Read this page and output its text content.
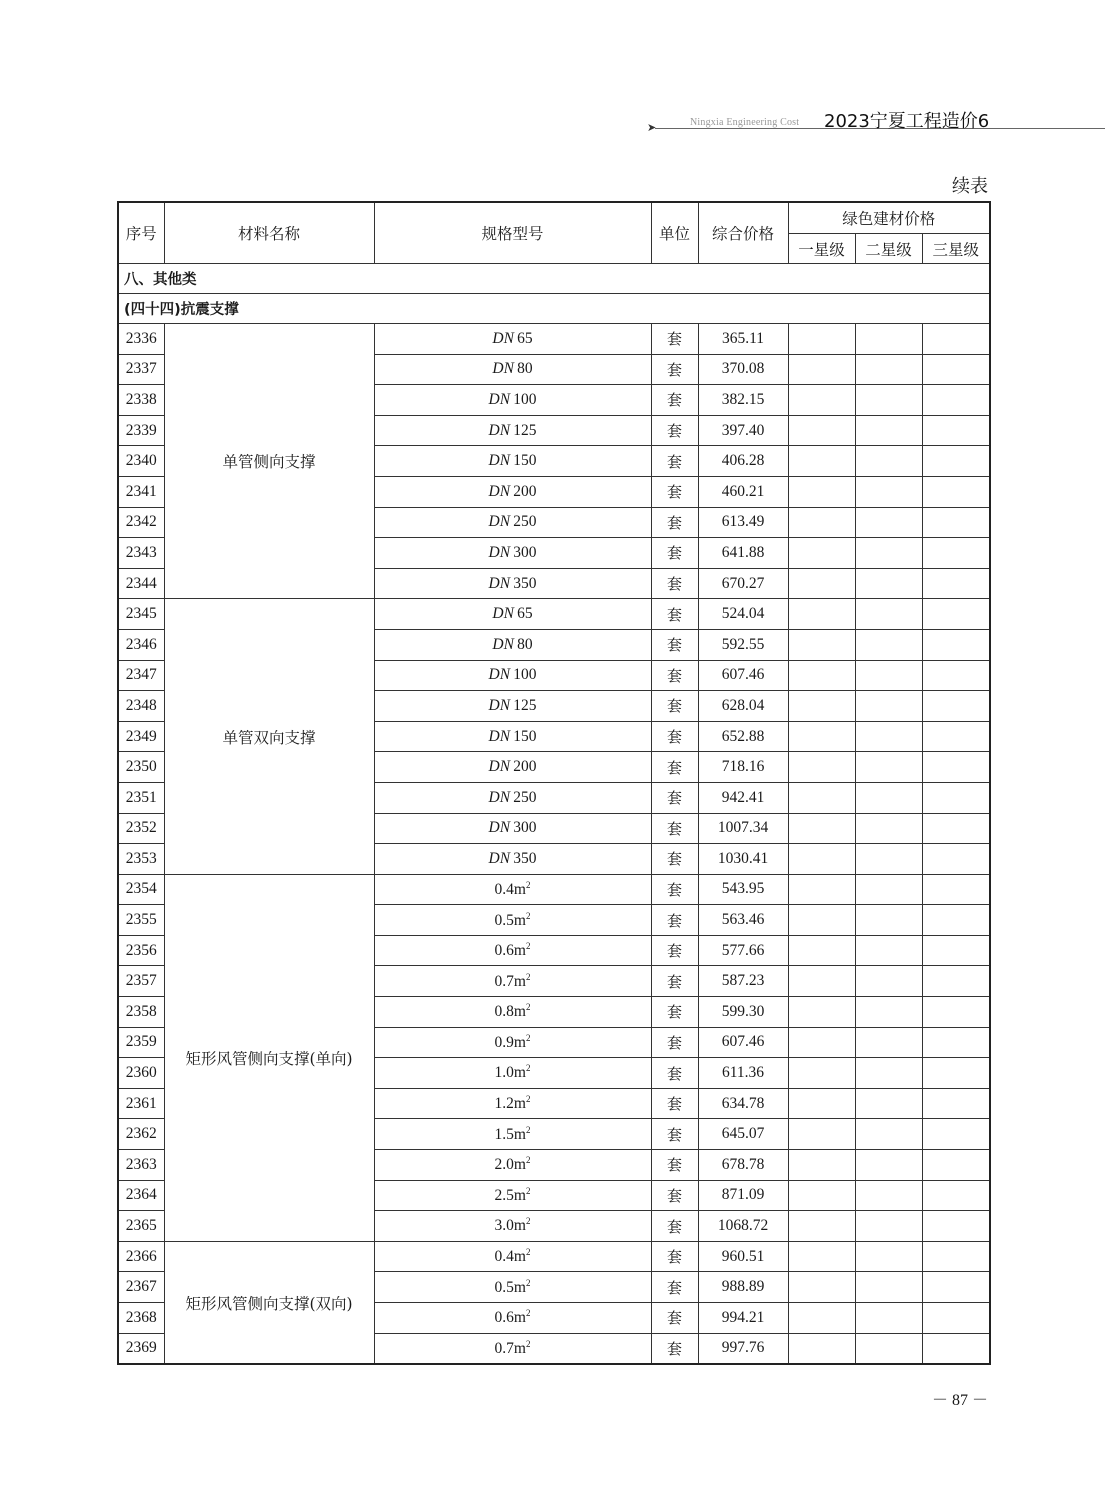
➤	Ningxia Engineering Cost 2023宁夏工程造价6
续表
序号	材料名称	规格型号	单位	综合价格	绿色建材价格		
					一星级	二星级	三星级
八、其他类							
(四十四)抗震支撑							
2336	单管侧向支撑	DN  65	套	365.11			
2337		DN  80	套	370.08			
2338		DN  100	套	382.15			
2339		DN  125	套	397.40			
2340		DN  150	套	406.28			
2341		DN  200	套	460.21			
2342		DN  250	套	613.49			
2343		DN  300	套	641.88			
2344		DN  350	套	670.27			
2345	单管双向支撑	DN  65	套	524.04			
2346		DN  80	套	592.55			
2347		DN  100	套	607.46			
2348		DN  125	套	628.04			
2349		DN  150	套	652.88			
2350		DN  200	套	718.16			
2351		DN  250	套	942.41			
2352		DN  300	套	1007.34			
2353		DN  350	套	1030.41			
2354	矩形风管侧向支撑(单向)	$0.4m^2$	套	543.95			
2355		$0.5m^2$	套	563.46			
2356		$0.6m^2$	套	577.66			
2357		$0.7m^2$	套	587.23			
2358		$0.8m^2$	套	599.30			
2359		$0.9m^2$	套	607.46			
2360		$1.0m^2$	套	611.36			
2361		$1.2m^2$	套	634.78			
2362		$1.5m^2$	套	645.07			
2363		$2.0m^2$	套	678.78			
2364		$2.5m^2$	套	871.09			
2365		$3.0m^2$	套	1068.72			
2366	矩形风管侧向支撑(双向)	$0.4m^2$	套	960.51			
2367		$0.5m^2$	套	988.89			
2368		$0.6m^2$	套	994.21			
2369		$0.7m^2$	套	997.76			
－ 87 －
